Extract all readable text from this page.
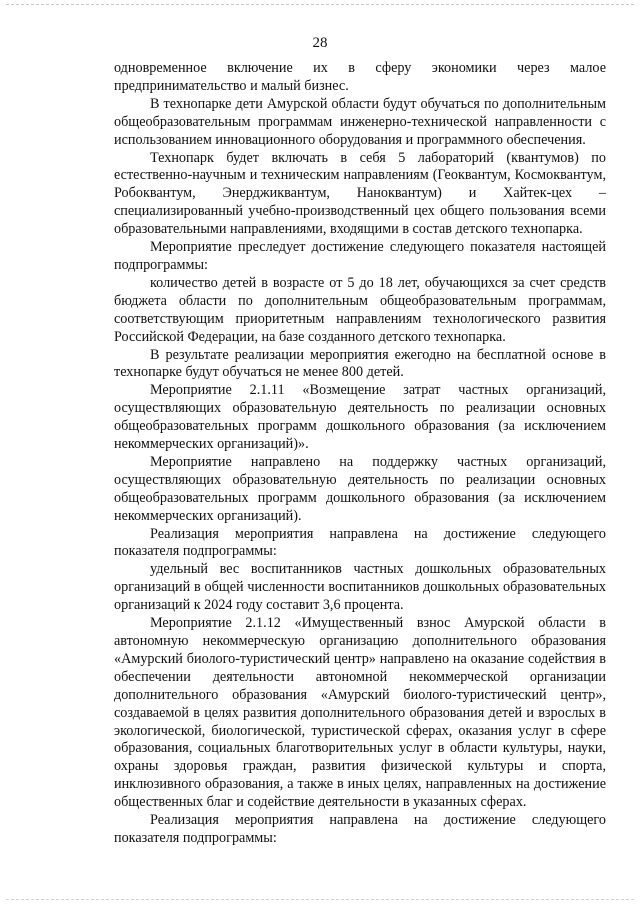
28

одновременное включение их в сферу экономики через малое предпринимательство и малый бизнес.

В технопарке дети Амурской области будут обучаться по дополнительным общеобразовательным программам инженерно-технической направленности с использованием инновационного оборудования и программного обеспечения.

Технопарк будет включать в себя 5 лабораторий (квантумов) по естественно-научным и техническим направлениям (Геоквантум, Космоквантум, Робоквантум, Энерджиквантум, Наноквантум) и Хайтек-цех – специализированный учебно-производственный цех общего пользования всеми образовательными направлениями, входящими в состав детского технопарка.

Мероприятие преследует достижение следующего показателя настоящей подпрограммы:

количество детей в возрасте от 5 до 18 лет, обучающихся за счет средств бюджета области по дополнительным общеобразовательным программам, соответствующим приоритетным направлениям технологического развития Российской Федерации, на базе созданного детского технопарка.

В результате реализации мероприятия ежегодно на бесплатной основе в технопарке будут обучаться не менее 800 детей.

Мероприятие 2.1.11 «Возмещение затрат частных организаций, осуществляющих образовательную деятельность по реализации основных общеобразовательных программ дошкольного образования (за исключением некоммерческих организаций)».

Мероприятие направлено на поддержку частных организаций, осуществляющих образовательную деятельность по реализации основных общеобразовательных программ дошкольного образования (за исключением некоммерческих организаций).

Реализация мероприятия направлена на достижение следующего показателя подпрограммы:

удельный вес воспитанников частных дошкольных образовательных организаций в общей численности воспитанников дошкольных образовательных организаций к 2024 году составит 3,6 процента.

Мероприятие 2.1.12 «Имущественный взнос Амурской области в автономную некоммерческую организацию дополнительного образования «Амурский биолого-туристический центр» направлено на оказание содействия в обеспечении деятельности автономной некоммерческой организации дополнительного образования «Амурский биолого-туристический центр», создаваемой в целях развития дополнительного образования детей и взрослых в экологической, биологической, туристической сферах, оказания услуг в сфере образования, социальных благотворительных услуг в области культуры, науки, охраны здоровья граждан, развития физической культуры и спорта, инклюзивного образования, а также в иных целях, направленных на достижение общественных благ и содействие деятельности в указанных сферах.

Реализация мероприятия направлена на достижение следующего показателя подпрограммы:
